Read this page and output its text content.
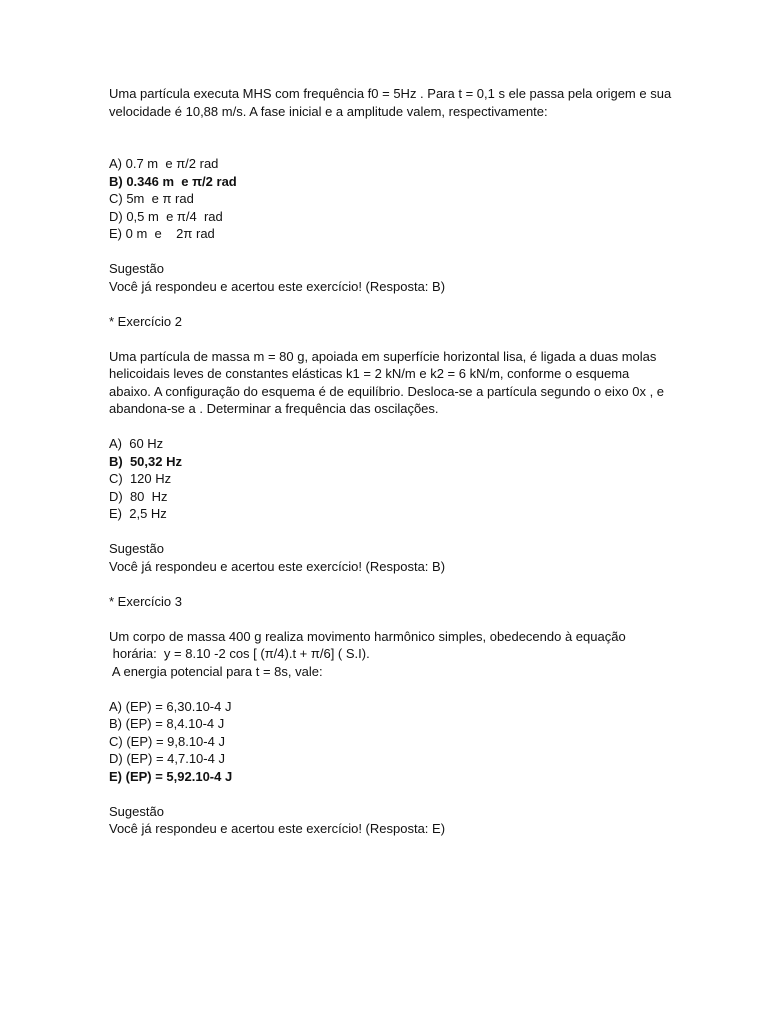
Uma partícula executa MHS com frequência f0 = 5Hz . Para t = 0,1 s ele passa pela origem e sua

velocidade é 10,88 m/s. A fase inicial e a amplitude valem, respectivamente:

A) 0.7 m  e π/2 rad

B) 0.346 m  e π/2 rad

C) 5m  e π rad

D) 0,5 m  e π/4  rad

E) 0 m  e    2π rad

Sugestão

Você já respondeu e acertou este exercício! (Resposta: B)

* Exercício 2

Uma partícula de massa m = 80 g, apoiada em superfície horizontal lisa, é ligada a duas molas

helicoidais leves de constantes elásticas k1 = 2 kN/m e k2 = 6 kN/m, conforme o esquema

abaixo. A configuração do esquema é de equilíbrio. Desloca-se a partícula segundo o eixo 0x , e

abandona-se a . Determinar a frequência das oscilações.

A)  60 Hz

B)  50,32 Hz

C)  120 Hz

D)  80  Hz

E)  2,5 Hz

Sugestão

Você já respondeu e acertou este exercício! (Resposta: B)

* Exercício 3

Um corpo de massa 400 g realiza movimento harmônico simples, obedecendo à equação

horária:  y = 8.10 -2 cos [ (π/4).t + π/6] ( S.I).

A energia potencial para t = 8s, vale:

A) (EP) = 6,30.10-4 J

B) (EP) = 8,4.10-4 J

C) (EP) = 9,8.10-4 J

D) (EP) = 4,7.10-4 J

E) (EP) = 5,92.10-4 J

Sugestão

Você já respondeu e acertou este exercício! (Resposta: E)
